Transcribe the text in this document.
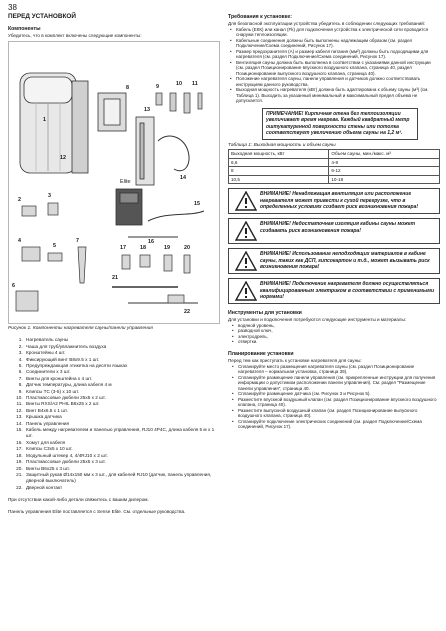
38
ПЕРЕД УСТАНОВКОЙ
Компоненты
Убедитесь, что в комплект включены следующие компоненты:
1
2
3
4
5
6
7
8	9	10 11
12
13
14
15
16
17	18	19	20
21
22
Elite
Рисунок 1. Компоненты нагревателя сауны/панели управления
1. Нагреватель сауны
2. Чаша для труб/увлажнитель воздуха
3. Кронштейны 4 шт.
4. Фиксирующий винт B8x9.5 x 1 шт.
5. Предупреждающая этикетка на десяти языках
6. Соединители x 3 шт.
7. Винты для кронштейна x 4 шт.
8. Датчик температуры, длина кабеля 4 м
9. Клипсы TC (3-5) x 10 шт.
10. Пластмассовые дюбели 25x5 x 2 шт.
11. Винты RXS/A2 PHIL B6x25 x 2 шт.
12. Винт B4x6.5 x 1 шт.
13. Крышка датчика
14. Панель управления
15. Кабель между нагревателем и панелью управления, RJ10 4P4C, длина кабеля 5 м x 1 шт.
16. Хомут для кабеля
17. Клипсы C3x5 x 10 шт.
18. Модульный штекер 4, 4/4RJ10 x 2 шт.
19. Пластмассовые дюбели 25x5 x 3 шт.
20. Винты B6x25 x 3 шт.
21. Защитный рукав Ø14x150 мм x 3 шт., для кабелей RJ10 (датчик, панель управления, дверной выключатель)
22. Дверной контакт
При отсутствии какой-либо детали свяжитесь с вашим дилером.
Панель управления Elite поставляется с Sense Elite. См. отдельные руководства.
Требования к установке:
Для безопасной эксплуатации устройства убедитесь в соблюдении следующих требований:
• Кабель (ЕКК) или канал (Fk) для подключения устройства к электрической сети проводится снаружи теплоизоляции.
• Кабельные соединения должны быть выполнены надлежащим образом (см. раздел Подключение/Схема соединений, Рисунок 17).
• Размер предохранителя (A) и размер кабеля питания (мм²) должны быть подходящими для нагревателя (см. раздел Подключение/Схема соединений, Рисунок 17).
• Вентиляция сауны должна быть выполнена в соответствии с указаниями данной инструкции (см. раздел Позиционирование впускного воздушного клапана, страница 40, раздел Позиционирование выпускного воздушного клапана, страница 40).
• Положение нагревателя сауны, панели управления и датчиков должно соответствовать инструкциям данного руководства.
• Выходная мощность нагревателя (кВт) должна быть адаптирована к объему сауны (м³) (см. Таблица 1). Выходить за указанный минимальный и максимальный предел объема не допускается.
ПРИМЕЧАНИЕ! Кирпичная отена без теплоизоляции увеличивает время нагрева. Каждый квадратный метр оштукатуренной поверхности стены или потолка соответствует увеличению объема сауны на 1,2 м³.
Таблица 1: Выходная мощность и объем сауны
Выходная мощность, кВт	Объем сауны, мин./макс. м³
6,6	4-8
8	6-12
10,5	10-18
ВНИМАНИЕ! Ненадлежащая вентиляция или расположение нагревателя может привести к сухой перегрузке, что в определенных условиях создает риск возникновения пожара!
ВНИМАНИЕ! Недостаточная изоляция кабины сауны может создавать риск возникновения пожара!
ВНИМАНИЕ! Использование неподходящих материалов в кабине сауны, таких как ДСП, гипсокартон и т.д., может вызывать риск возникновения пожара!
ВНИМАНИЕ! Подключение нагревателя должно осуществляться квалифицированным электриком в соответствии с применимыми нормами!
Инструменты для установки
Для установки и подключения потребуются следующие инструменты и материалы:
• водяной уровень,
• разводной ключ,
• электродрель,
• отвертки.
Планирование установки
Перед тем как приступать к установке нагревателя для сауны:
• Спланируйте место размещения нагревателя сауны (см. раздел Позиционирование нагревателя – нормальная установка, страница 39).
• Спланируйте размещение панели управления (см. прикрепленные инструкции для получения информации о допустимом расположении панели управления). См. раздел "Размещение панели управления", страница 40.
• Спланируйте размещение датчика (см. Рисунок 3 и Рисунок 5).
• Разместите впускной воздушный клапан (см. раздел Позиционирование впускного воздушного клапана, страница 40).
• Разместите выпускной воздушный клапан (см. раздел Позиционирование выпускного воздушного клапана, страница 40).
• Спланируйте подключение электрических соединений (см. раздел Подключение/Схема соединений, Рисунок 17).
